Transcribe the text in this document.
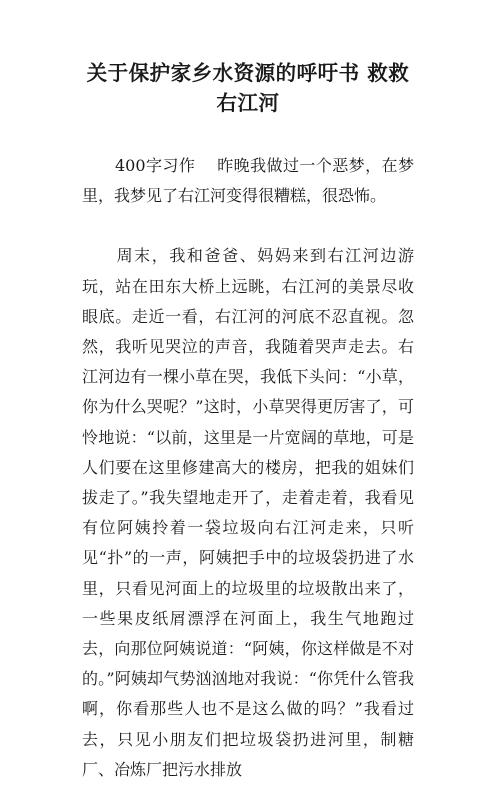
关于保护家乡水资源的呼吁书 救救右江河

400字习作　 昨晚我做过一个恶梦，在梦里，我梦见了右江河变得很糟糕，很恐怖。

周末，我和爸爸、妈妈来到右江河边游玩，站在田东大桥上远眺，右江河的美景尽收眼底。走近一看，右江河的河底不忍直视。忽然，我听见哭泣的声音，我随着哭声走去。右江河边有一棵小草在哭，我低下头问：“小草，你为什么哭呢？”这时，小草哭得更厉害了，可怜地说：“以前，这里是一片宽阔的草地，可是人们要在这里修建高大的楼房，把我的姐妹们拔走了。”我失望地走开了，走着走着，我看见有位阿姨拎着一袋垃圾向右江河走来，只听见“扑”的一声，阿姨把手中的垃圾袋扔进了水里，只看见河面上的垃圾里的垃圾散出来了，一些果皮纸屑漂浮在河面上，我生气地跑过去，向那位阿姨说道：“阿姨，你这样做是不对的。”阿姨却气势汹汹地对我说：“你凭什么管我啊，你看那些人也不是这么做的吗？”我看过去，只见小朋友们把垃圾袋扔进河里，制糖厂、冶炼厂把污水排放
